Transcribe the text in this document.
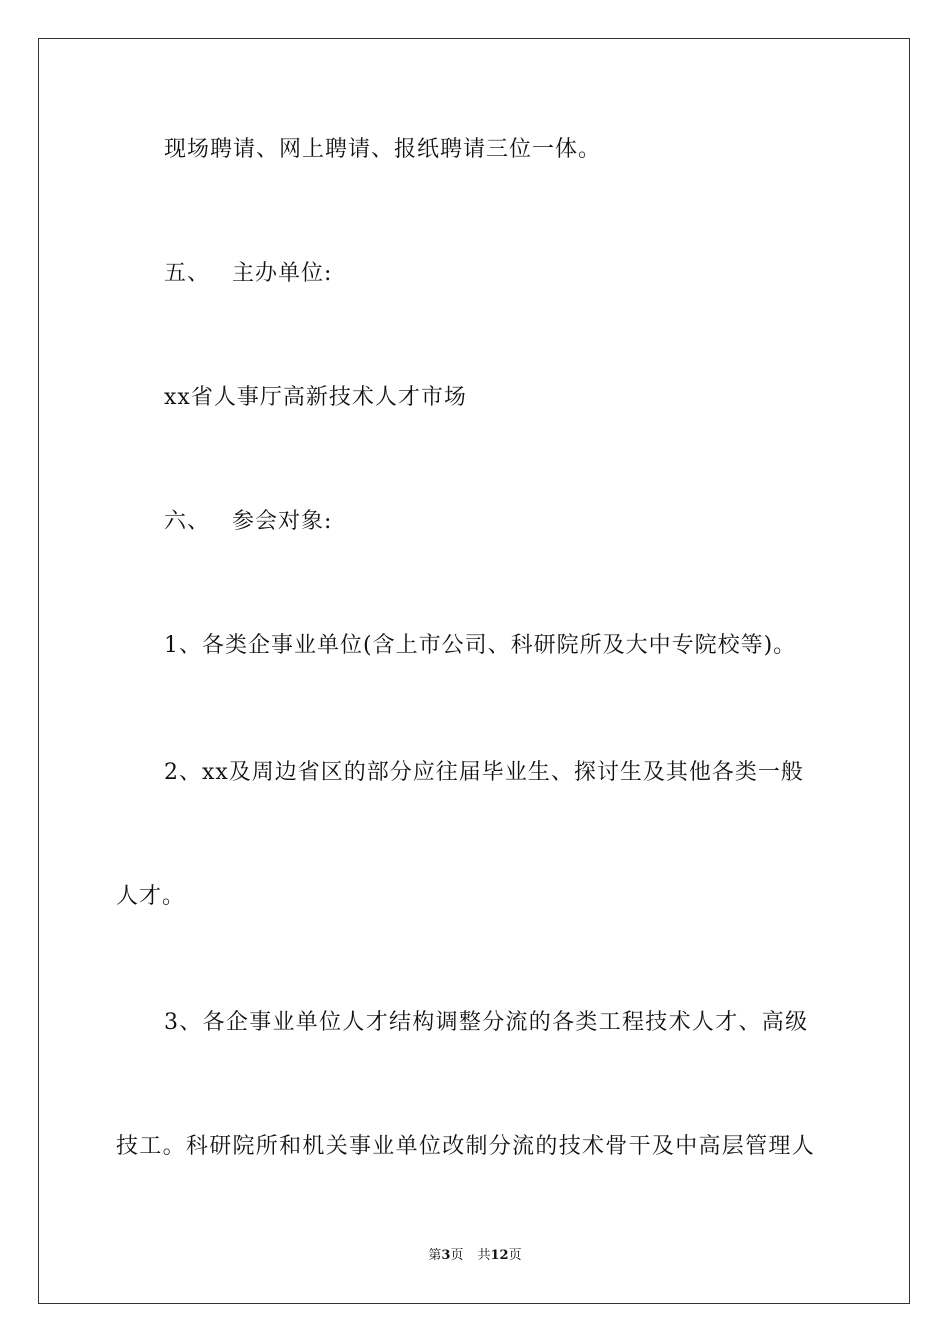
现场聘请、网上聘请、报纸聘请三位一体。
五、 主办单位:
xx省人事厅高新技术人才市场
六、 参会对象:
1、各类企事业单位(含上市公司、科研院所及大中专院校等)。
2、xx及周边省区的部分应往届毕业生、探讨生及其他各类一般
人才。
3、各企事业单位人才结构调整分流的各类工程技术人才、高级
技工。科研院所和机关事业单位改制分流的技术骨干及中高层管理人
第3页 共12页
